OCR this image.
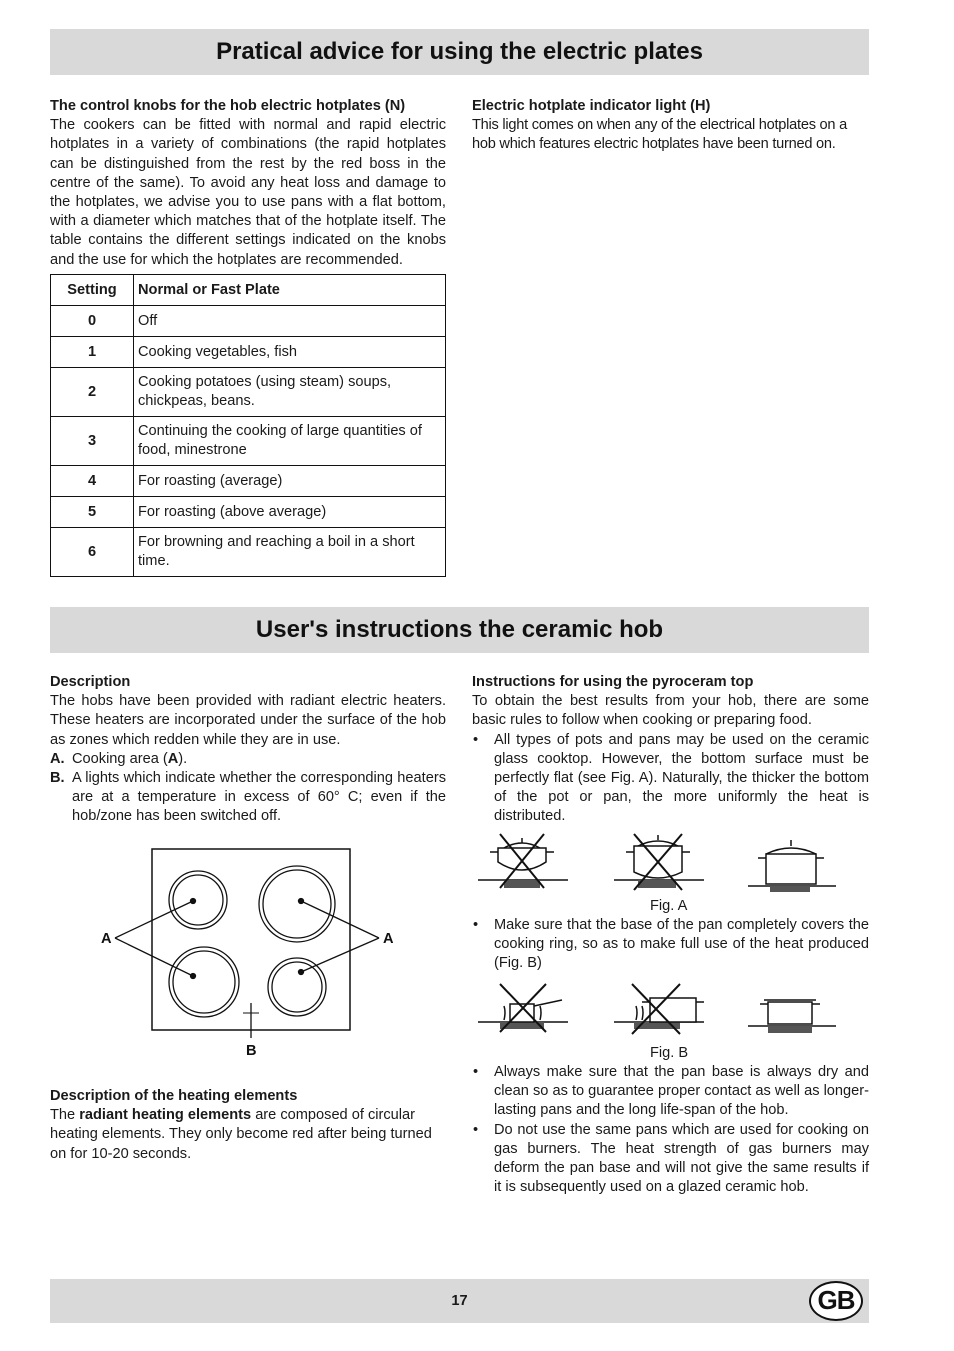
Pratical advice for using the electric plates
The control knobs for the hob electric hotplates (N)
The cookers can be fitted with normal and rapid electric hotplates in a variety of combinations (the rapid hotplates can be distinguished from the rest by the red boss in the centre of the same). To avoid any heat loss and damage to the hotplates, we advise you to use pans with a flat bottom, with a diameter which matches that of the hotplate itself. The table contains the different settings indicated on the knobs and the use for which the hotplates are recommended.
Electric hotplate indicator light (H)
This light comes on when any of the electrical hotplates on a hob which features electric hotplates have been turned on.
Setting	Normal or Fast Plate
0	Off
1	Cooking vegetables, fish
2	Cooking potatoes (using steam) soups, chickpeas, beans.
3	Continuing the cooking of large quantities of food, minestrone
4	For roasting (average)
5	For roasting (above average)
6	For browning and reaching a boil in a short time.
User's instructions the ceramic hob
Description
The hobs have been provided with radiant electric heaters. These heaters are incorporated under the surface of the hob as zones which redden while they are in use.
A. Cooking area (A).
B. A lights which indicate whether the corresponding heaters are at a temperature in excess of 60° C; even if the hob/zone has been switched off.
A	A
B
Description of the heating elements
The radiant heating elements are composed of circular heating elements. They only become red after being turned on for 10-20 seconds.
Instructions for using the pyroceram top
To obtain the best results from your hob, there are some basic rules to follow when cooking or preparing food.
• All types of pots and pans may be used on the ceramic glass cooktop. However, the bottom surface must be perfectly flat (see Fig. A). Naturally, the thicker the bottom of the pot or pan, the more uniformly the heat is distributed.
Fig. A
• Make sure that the base of the pan completely covers the cooking ring, so as to make full use of the heat produced (Fig. B)
Fig. B
• Always make sure that the pan base is always dry and clean so as to guarantee proper contact as well as longer-lasting pans and the long life-span of the hob.
• Do not use the same pans which are used for cooking on gas burners. The heat strength of gas burners may deform the pan base and will not give the same results if it is subsequently used on a glazed ceramic hob.
17	GB
